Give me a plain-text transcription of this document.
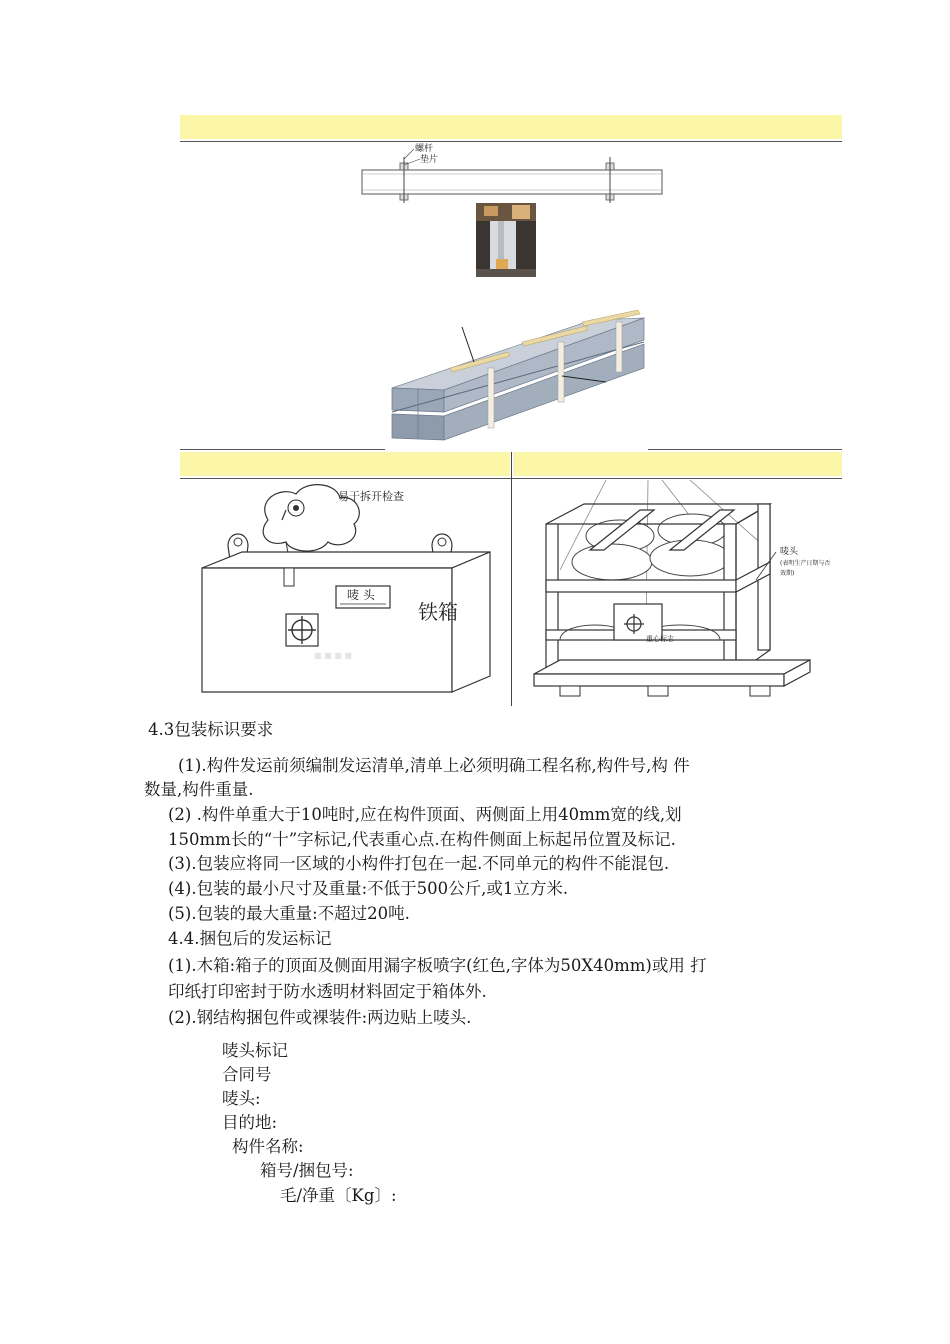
螺杆
垫片
■ ■ ■ ■
易于拆开检查
唛 头
铁箱
唛头
(表明生产日期与否
效期)
重心标志
4.3包装标识要求
(1).构件发运前须编制发运清单,清单上必须明确工程名称,构件号,构 件
数量,构件重量.
(2) .构件单重大于10吨时,应在构件顶面、两侧面上用40mm宽的线,划
150mm长的“十”字标记,代表重心点.在构件侧面上标起吊位置及标记.
(3).包装应将同一区域的小构件打包在一起.不同单元的构件不能混包.
(4).包装的最小尺寸及重量:不低于500公斤,或1立方米.
(5).包装的最大重量:不超过20吨.
4.4.捆包后的发运标记
(1).木箱:箱子的顶面及侧面用漏字板喷字(红色,字体为50X40mm)或用 打
印纸打印密封于防水透明材料固定于箱体外.
(2).钢结构捆包件或裸装件:两边贴上唛头.
唛头标记
合同号
唛头:
目的地:
构件名称:
箱号/捆包号:
毛/净重〔Kg〕:
